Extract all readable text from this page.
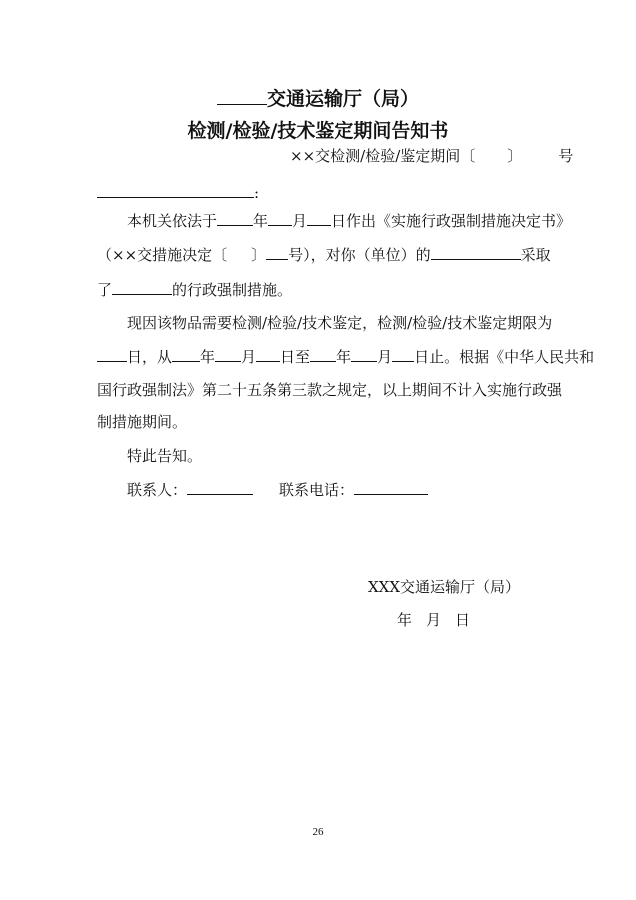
交通运输厅（局）
检测/检验/技术鉴定期间告知书
××交检测/检验/鉴定期间〔 〕 号
:
本机关依法于 年 月 日作出《实施行政强制措施决定书》
（××交措施决定〔 〕 号），对你（单位）的	采取
了	的行政强制措施。
现因该物品需要检测/检验/技术鉴定，检测/检验/技术鉴定期限为
日，从 年 月 日至 年 月 日止。根据《中华人民共和
国行政强制法》第二十五条第三款之规定，以上期间不计入实施行政强
制措施期间。
特此告知。
联系人：	联系电话：
XXX交通运输厅（局）
年 月 日
26
